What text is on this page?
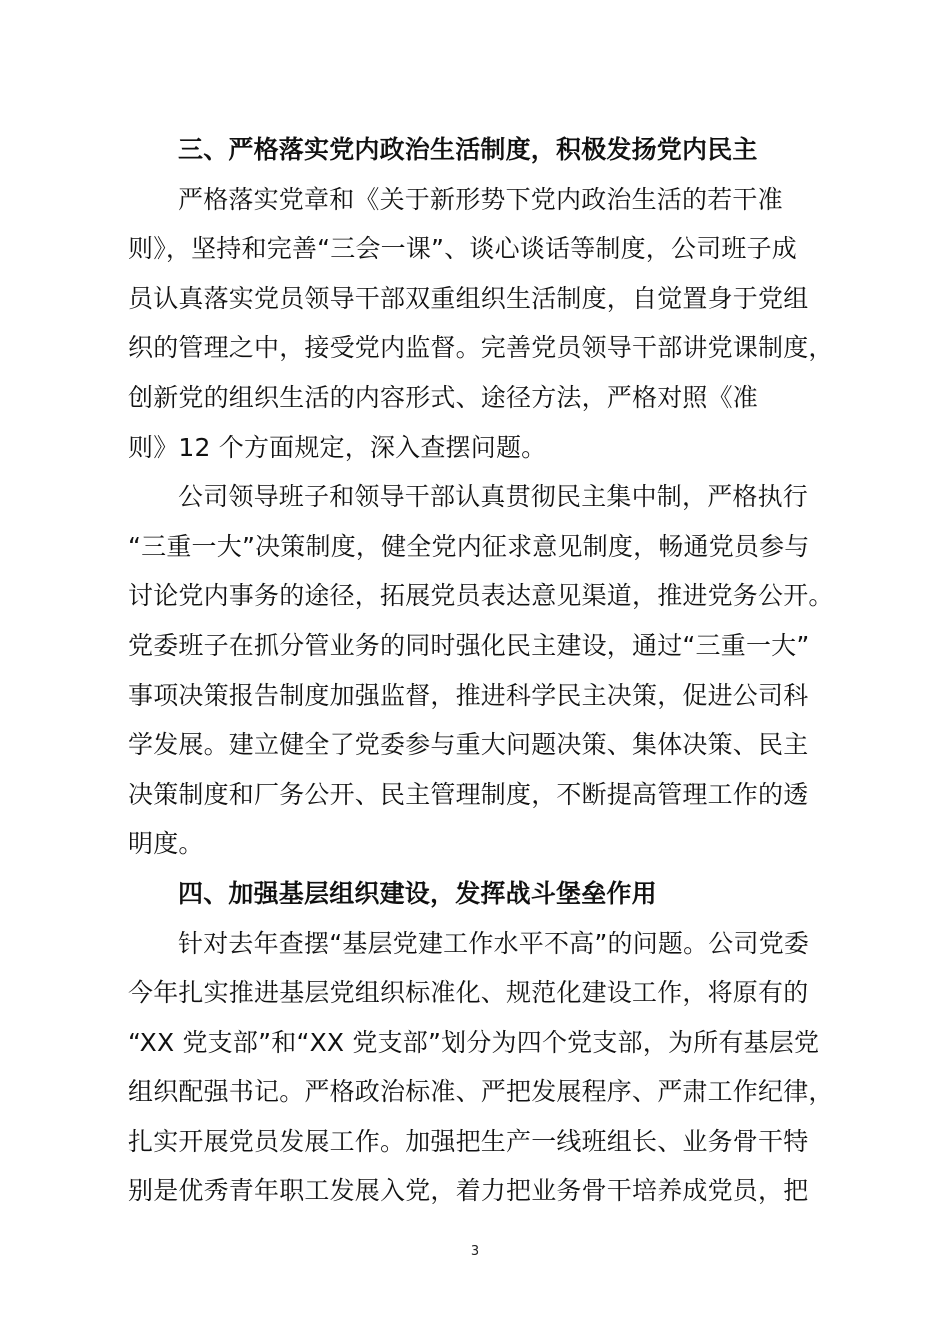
三、严格落实党内政治生活制度，积极发扬党内民主
严格落实党章和《关于新形势下党内政治生活的若干准
则》，坚持和完善“三会一课”、谈心谈话等制度，公司班子成
员认真落实党员领导干部双重组织生活制度，自觉置身于党组
织的管理之中，接受党内监督。完善党员领导干部讲党课制度，
创新党的组织生活的内容形式、途径方法，严格对照《准
则》12 个方面规定，深入查摆问题。
公司领导班子和领导干部认真贯彻民主集中制，严格执行
“三重一大”决策制度，健全党内征求意见制度，畅通党员参与
讨论党内事务的途径，拓展党员表达意见渠道，推进党务公开。
党委班子在抓分管业务的同时强化民主建设，通过“三重一大”
事项决策报告制度加强监督，推进科学民主决策，促进公司科
学发展。建立健全了党委参与重大问题决策、集体决策、民主
决策制度和厂务公开、民主管理制度，不断提高管理工作的透
明度。
四、加强基层组织建设，发挥战斗堡垒作用
针对去年查摆“基层党建工作水平不高”的问题。公司党委
今年扎实推进基层党组织标准化、规范化建设工作，将原有的
“XX 党支部”和“XX 党支部”划分为四个党支部，为所有基层党
组织配强书记。严格政治标准、严把发展程序、严肃工作纪律，
扎实开展党员发展工作。加强把生产一线班组长、业务骨干特
别是优秀青年职工发展入党，着力把业务骨干培养成党员，把
3
